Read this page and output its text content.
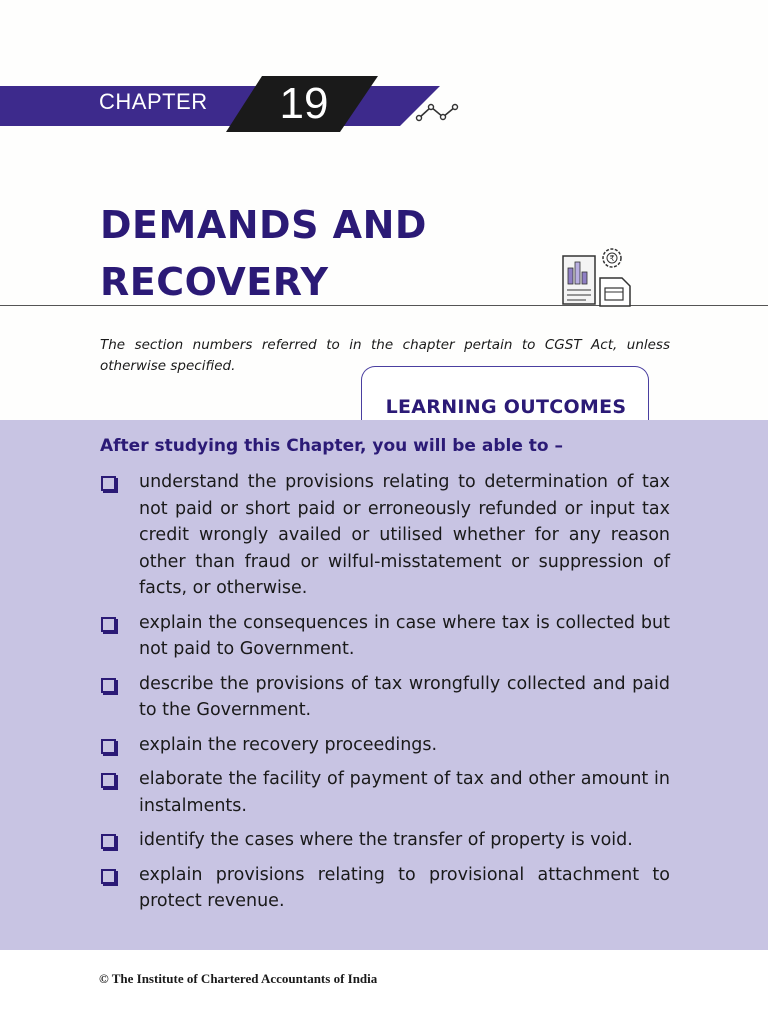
CHAPTER	19
DEMANDS AND
RECOVERY
₹

The section numbers referred to in the chapter pertain to CGST Act, unless otherwise specified.

LEARNING OUTCOMES

After studying this Chapter, you will be able to –

understand the provisions relating to determination of tax not paid or short paid or erroneously refunded or input tax credit wrongly availed or utilised whether for any reason other than fraud or wilful-misstatement or suppression of facts, or otherwise.
explain the consequences in case where tax is collected but not paid to Government.
describe the provisions of tax wrongfully collected and paid to the Government.
explain the recovery proceedings.
elaborate the facility of payment of tax and other amount in instalments.
identify the cases where the transfer of property is void.
explain provisions relating to provisional attachment to protect revenue.
© The Institute of Chartered Accountants of India
